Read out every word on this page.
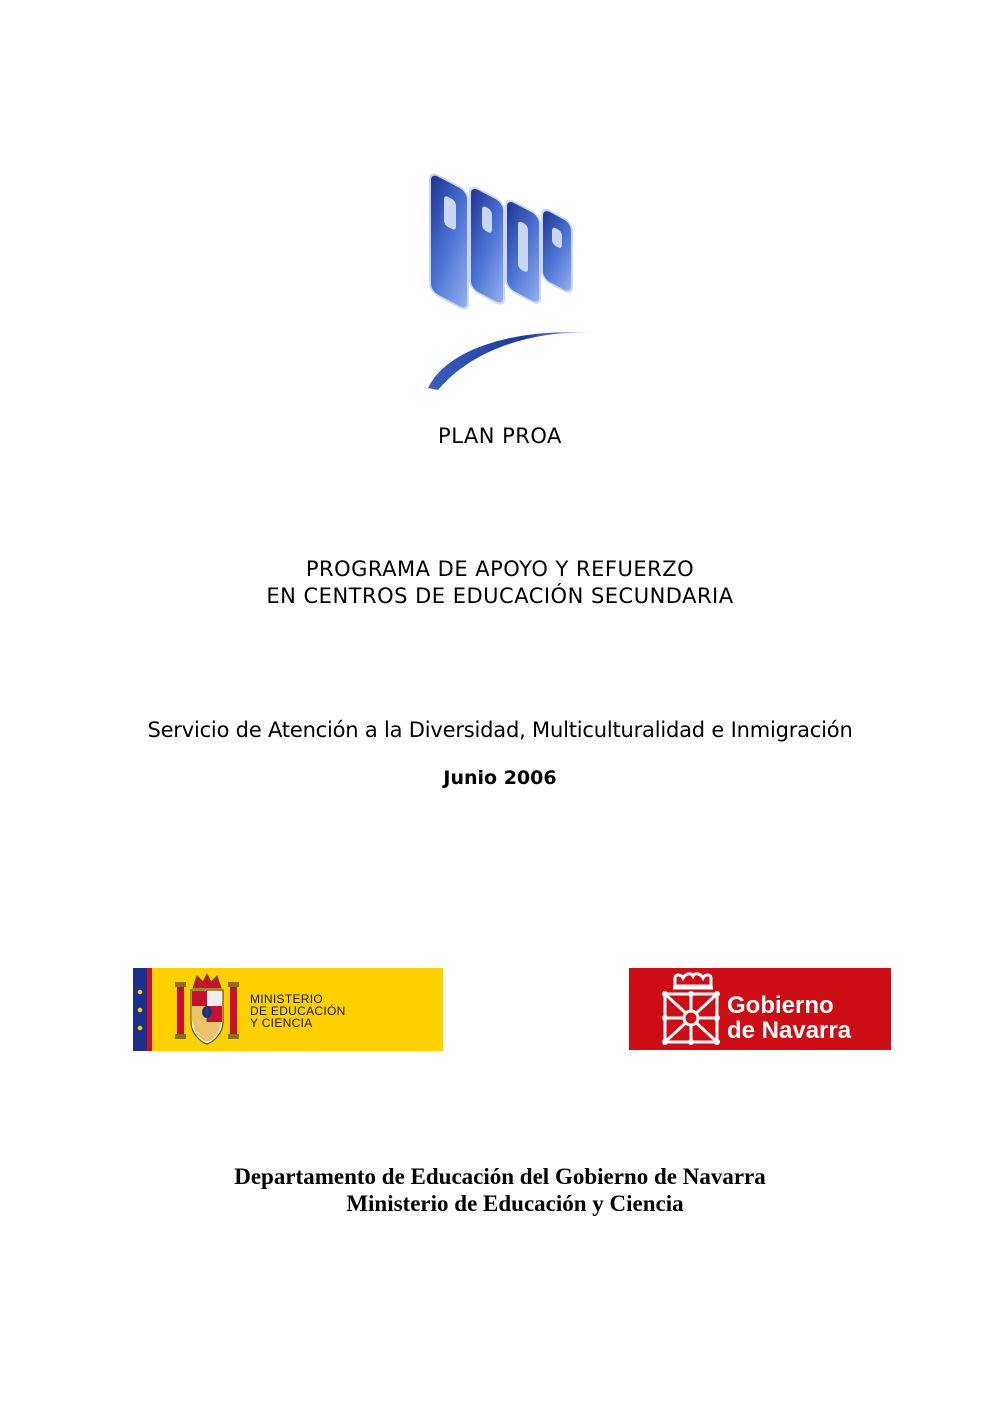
PLAN PROA
PROGRAMA DE APOYO Y REFUERZO
EN CENTROS DE EDUCACIÓN SECUNDARIA
Servicio de Atención a la Diversidad, Multiculturalidad e Inmigración
Junio 2006
MINISTERIO
DE EDUCACIÓN
Y CIENCIA
Gobierno
de Navarra
Departamento de Educación del Gobierno de Navarra
Ministerio de Educación y Ciencia
